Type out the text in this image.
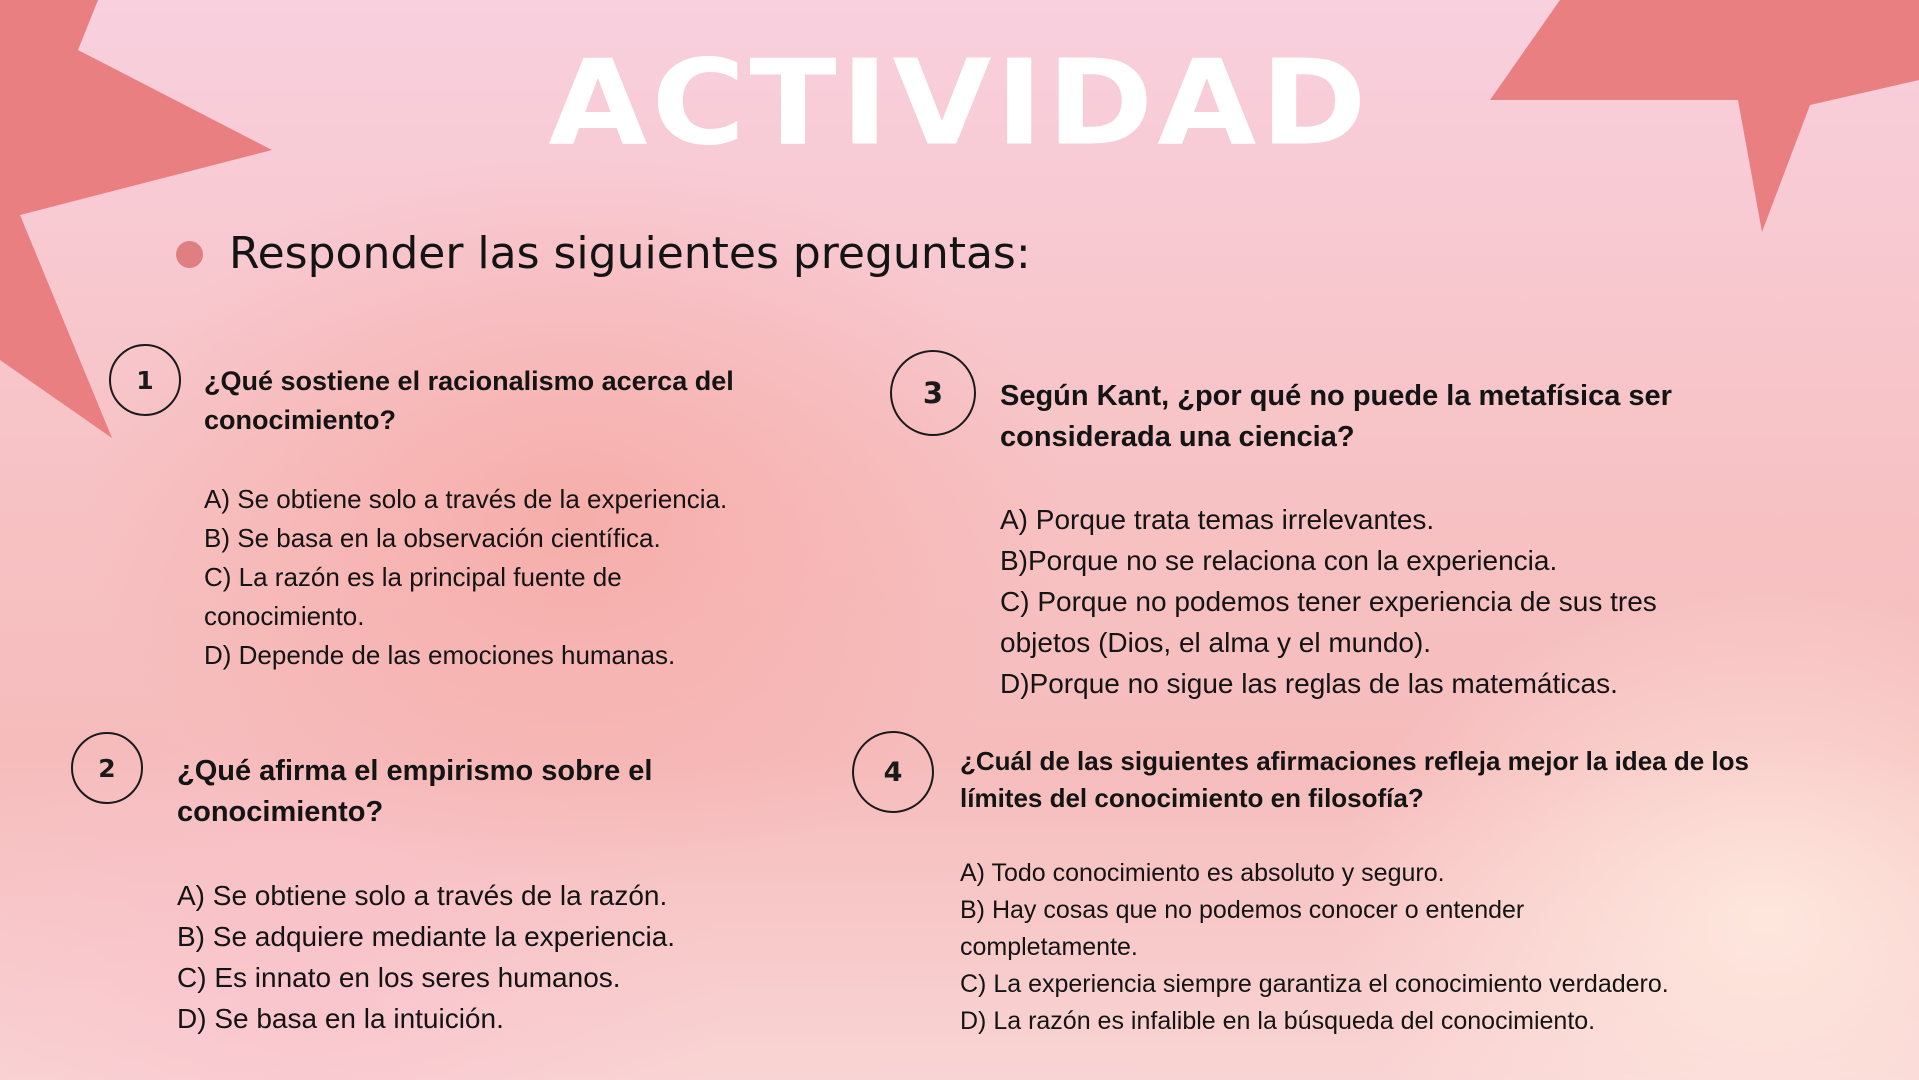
ACTIVIDAD
Responder las siguientes preguntas:
1	¿Qué sostiene el racionalismo acerca del conocimiento?

A) Se obtiene solo a través de la experiencia.
B) Se basa en la observación científica.
C) La razón es la principal fuente de conocimiento.
D) Depende de las emociones humanas.
2	¿Qué afirma el empirismo sobre el conocimiento?

A) Se obtiene solo a través de la razón.
B) Se adquiere mediante la experiencia.
C) Es innato en los seres humanos.
D) Se basa en la intuición.
3	Según Kant, ¿por qué no puede la metafísica ser considerada una ciencia?

A) Porque trata temas irrelevantes.
B)Porque no se relaciona con la experiencia.
C) Porque no podemos tener experiencia de sus tres objetos (Dios, el alma y el mundo).
D)Porque no sigue las reglas de las matemáticas.
4	¿Cuál de las siguientes afirmaciones refleja mejor la idea de los límites del conocimiento en filosofía?

A) Todo conocimiento es absoluto y seguro.
B) Hay cosas que no podemos conocer o entender completamente.
C) La experiencia siempre garantiza el conocimiento verdadero.
D) La razón es infalible en la búsqueda del conocimiento.
